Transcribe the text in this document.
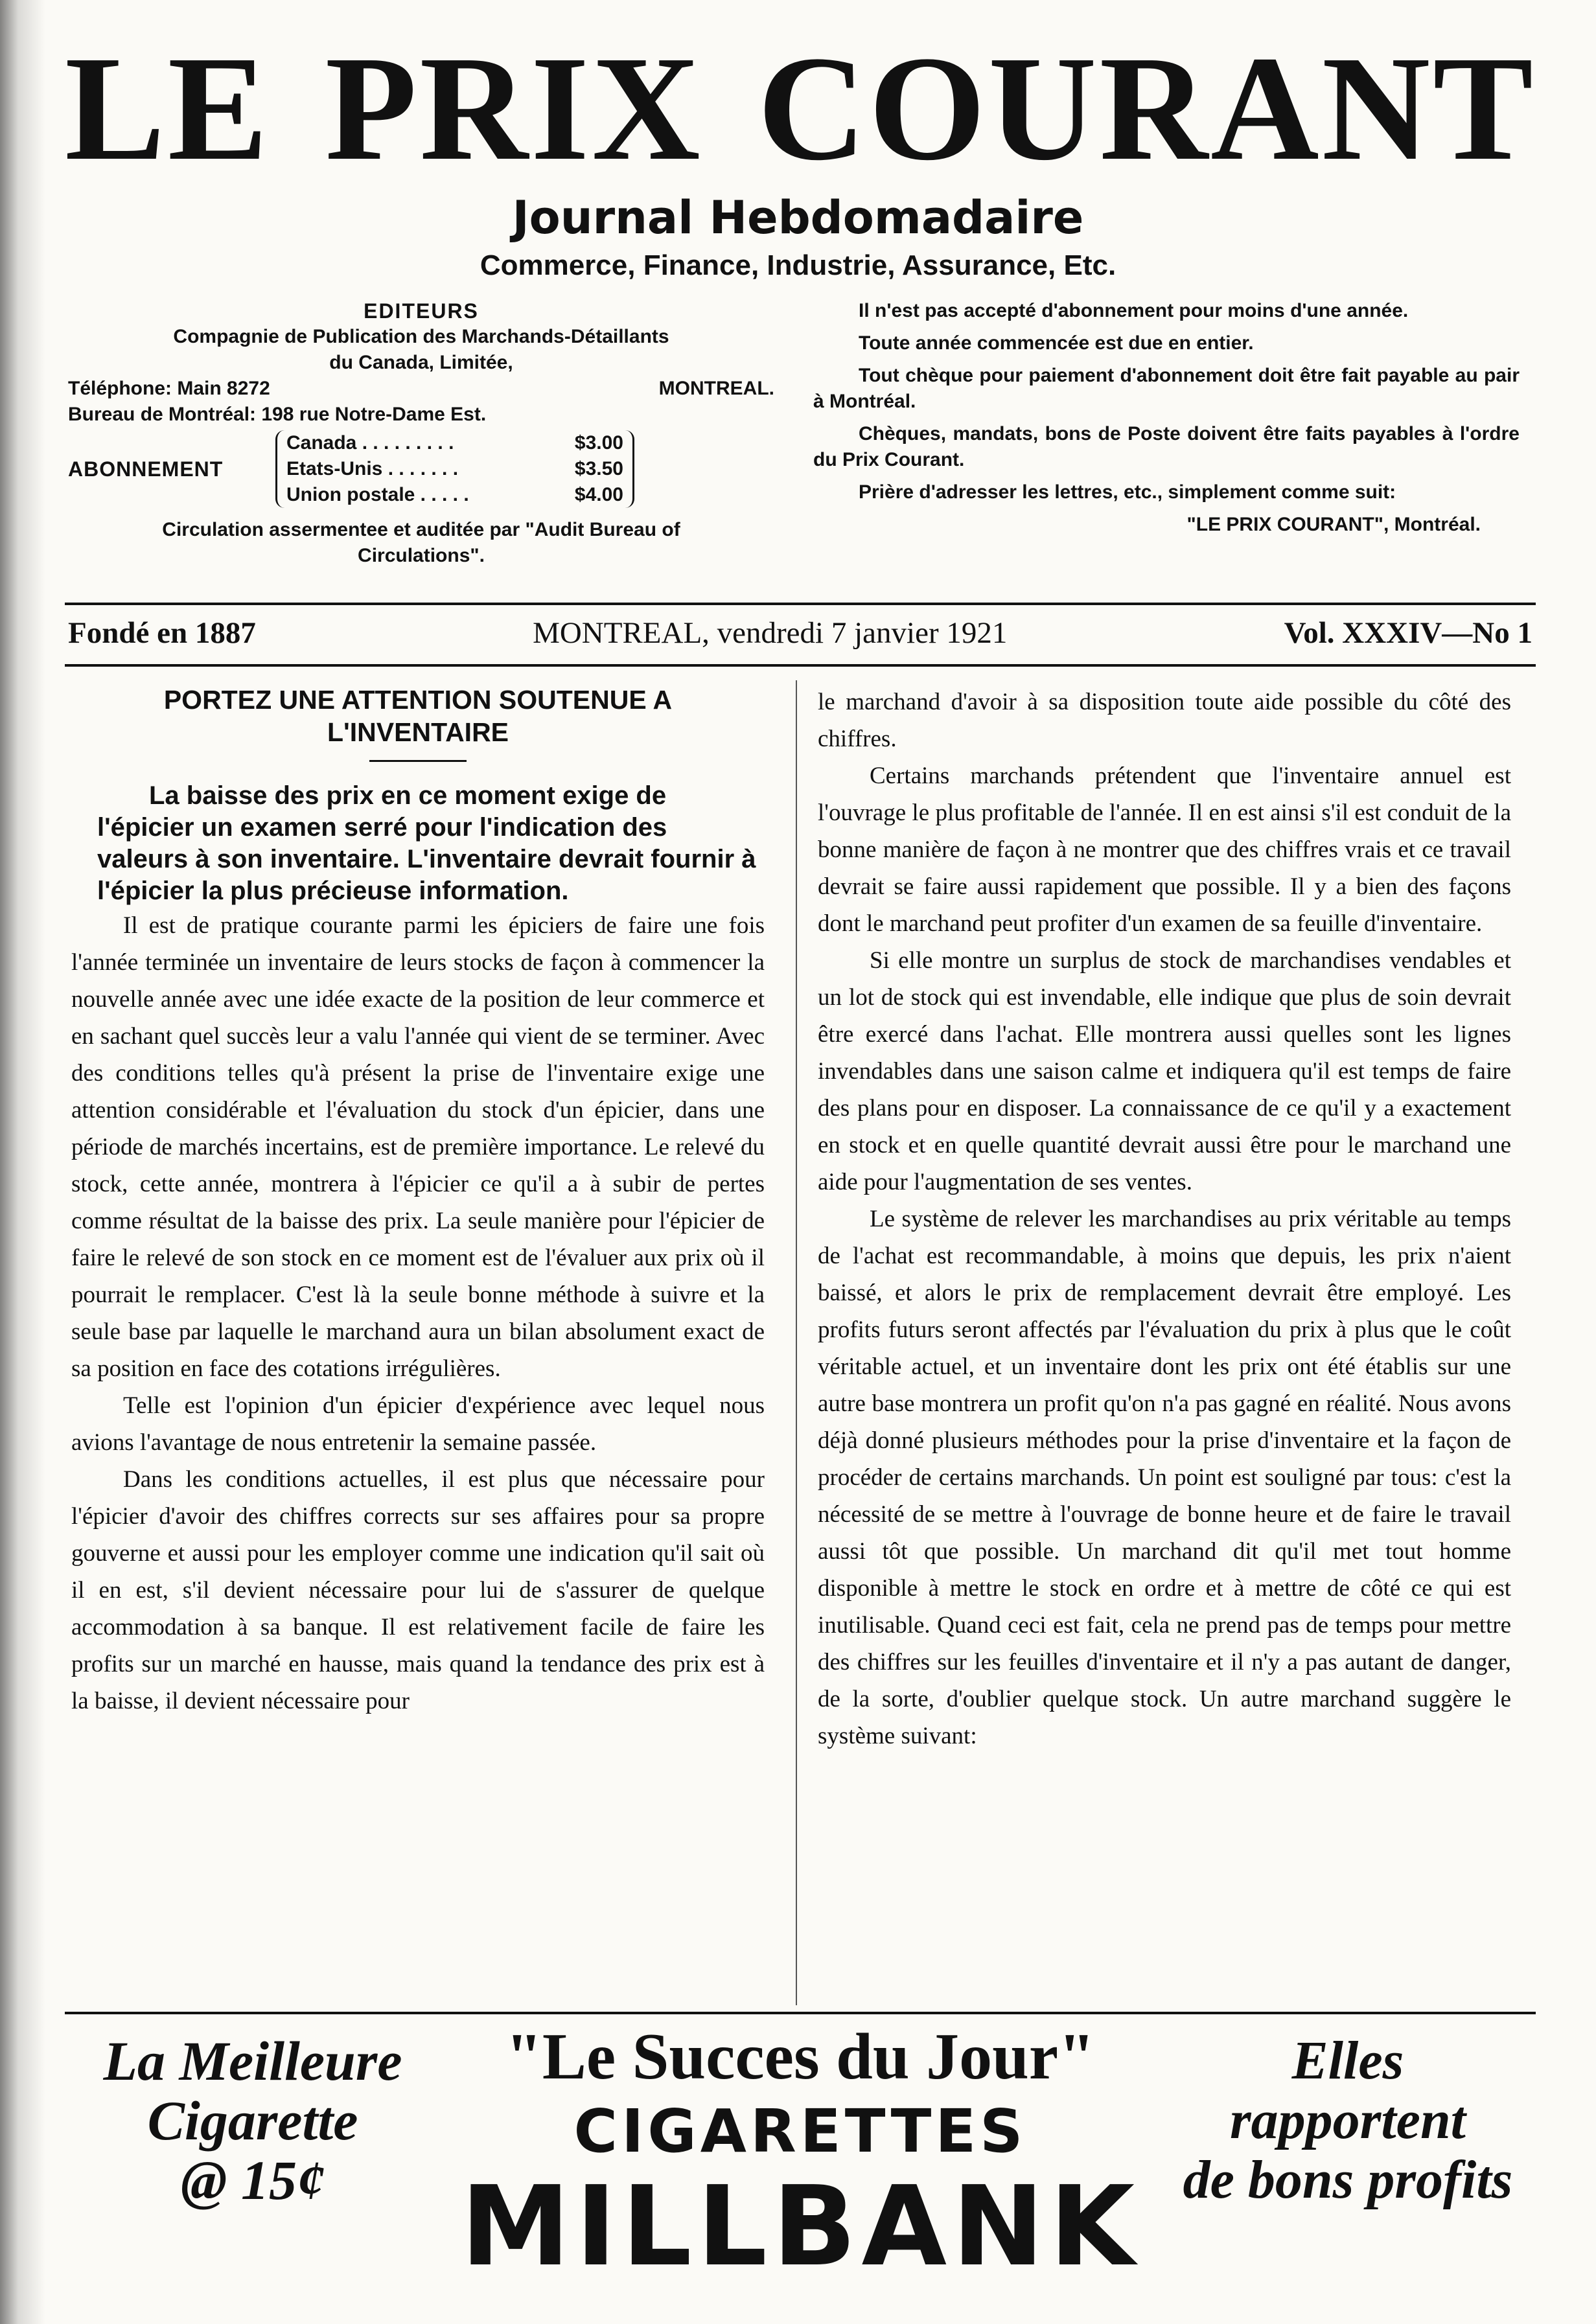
LE PRIX COURANT
Journal Hebdomadaire
Commerce, Finance, Industrie, Assurance, Etc.
EDITEURS
Compagnie de Publication des Marchands-Détaillants
du Canada, Limitée,
Téléphone: Main 8272	MONTREAL.
Bureau de Montréal: 198 rue Notre-Dame Est.
ABONNEMENT
Canada . . . . . . . . .	$3.00
Etats-Unis . . . . . . .	$3.50
Union postale . . . . .	$4.00
Circulation assermentee et auditée par "Audit Bureau of
Circulations".

Il n'est pas accepté d'abonnement pour moins d'une année.

Toute année commencée est due en entier.

Tout chèque pour paiement d'abonnement doit être fait payable au pair à Montréal.

Chèques, mandats, bons de Poste doivent être faits payables à l'ordre du Prix Courant.

Prière d'adresser les lettres, etc., simplement comme suit:

"LE PRIX COURANT", Montréal.
Fondé en 1887	MONTREAL, vendredi 7 janvier 1921	Vol. XXXIV—No 1
PORTEZ UNE ATTENTION SOUTENUE A
L'INVENTAIRE

La baisse des prix en ce moment exige de l'épicier un examen serré pour l'indication des valeurs à son inventaire. L'inventaire devrait fournir à l'épicier la plus précieuse information.

Il est de pratique courante parmi les épiciers de faire une fois l'année terminée un inventaire de leurs stocks de façon à commencer la nouvelle année avec une idée exacte de la position de leur commerce et en sachant quel succès leur a valu l'année qui vient de se terminer. Avec des conditions telles qu'à présent la prise de l'inventaire exige une attention considérable et l'évaluation du stock d'un épicier, dans une période de marchés incertains, est de première importance. Le relevé du stock, cette année, montrera à l'épicier ce qu'il a à subir de pertes comme résultat de la baisse des prix. La seule manière pour l'épicier de faire le relevé de son stock en ce moment est de l'évaluer aux prix où il pourrait le remplacer. C'est là la seule bonne méthode à suivre et la seule base par laquelle le marchand aura un bilan absolument exact de sa position en face des cotations irrégulières.

Telle est l'opinion d'un épicier d'expérience avec lequel nous avions l'avantage de nous entretenir la semaine passée.

Dans les conditions actuelles, il est plus que nécessaire pour l'épicier d'avoir des chiffres corrects sur ses affaires pour sa propre gouverne et aussi pour les employer comme une indication qu'il sait où il en est, s'il devient nécessaire pour lui de s'assurer de quelque accommodation à sa banque. Il est relativement facile de faire les profits sur un marché en hausse, mais quand la tendance des prix est à la baisse, il devient nécessaire pour

le marchand d'avoir à sa disposition toute aide possible du côté des chiffres.

Certains marchands prétendent que l'inventaire annuel est l'ouvrage le plus profitable de l'année. Il en est ainsi s'il est conduit de la bonne manière de façon à ne montrer que des chiffres vrais et ce travail devrait se faire aussi rapidement que possible. Il y a bien des façons dont le marchand peut profiter d'un examen de sa feuille d'inventaire.

Si elle montre un surplus de stock de marchandises vendables et un lot de stock qui est invendable, elle indique que plus de soin devrait être exercé dans l'achat. Elle montrera aussi quelles sont les lignes invendables dans une saison calme et indiquera qu'il est temps de faire des plans pour en disposer. La connaissance de ce qu'il y a exactement en stock et en quelle quantité devrait aussi être pour le marchand une aide pour l'augmentation de ses ventes.

Le système de relever les marchandises au prix véritable au temps de l'achat est recommandable, à moins que depuis, les prix n'aient baissé, et alors le prix de remplacement devrait être employé. Les profits futurs seront affectés par l'évaluation du prix à plus que le coût véritable actuel, et un inventaire dont les prix ont été établis sur une autre base montrera un profit qu'on n'a pas gagné en réalité. Nous avons déjà donné plusieurs méthodes pour la prise d'inventaire et la façon de procéder de certains marchands. Un point est souligné par tous: c'est la nécessité de se mettre à l'ouvrage de bonne heure et de faire le travail aussi tôt que possible. Un marchand dit qu'il met tout homme disponible à mettre le stock en ordre et à mettre de côté ce qui est inutilisable. Quand ceci est fait, cela ne prend pas de temps pour mettre des chiffres sur les feuilles d'inventaire et il n'y a pas autant de danger, de la sorte, d'oublier quelque stock. Un autre marchand suggère le système suivant:

La Meilleure
Cigarette
@ 15¢
"Le Succes du Jour"
CIGARETTES
MILLBANK
Elles
rapportent
de bons profits
